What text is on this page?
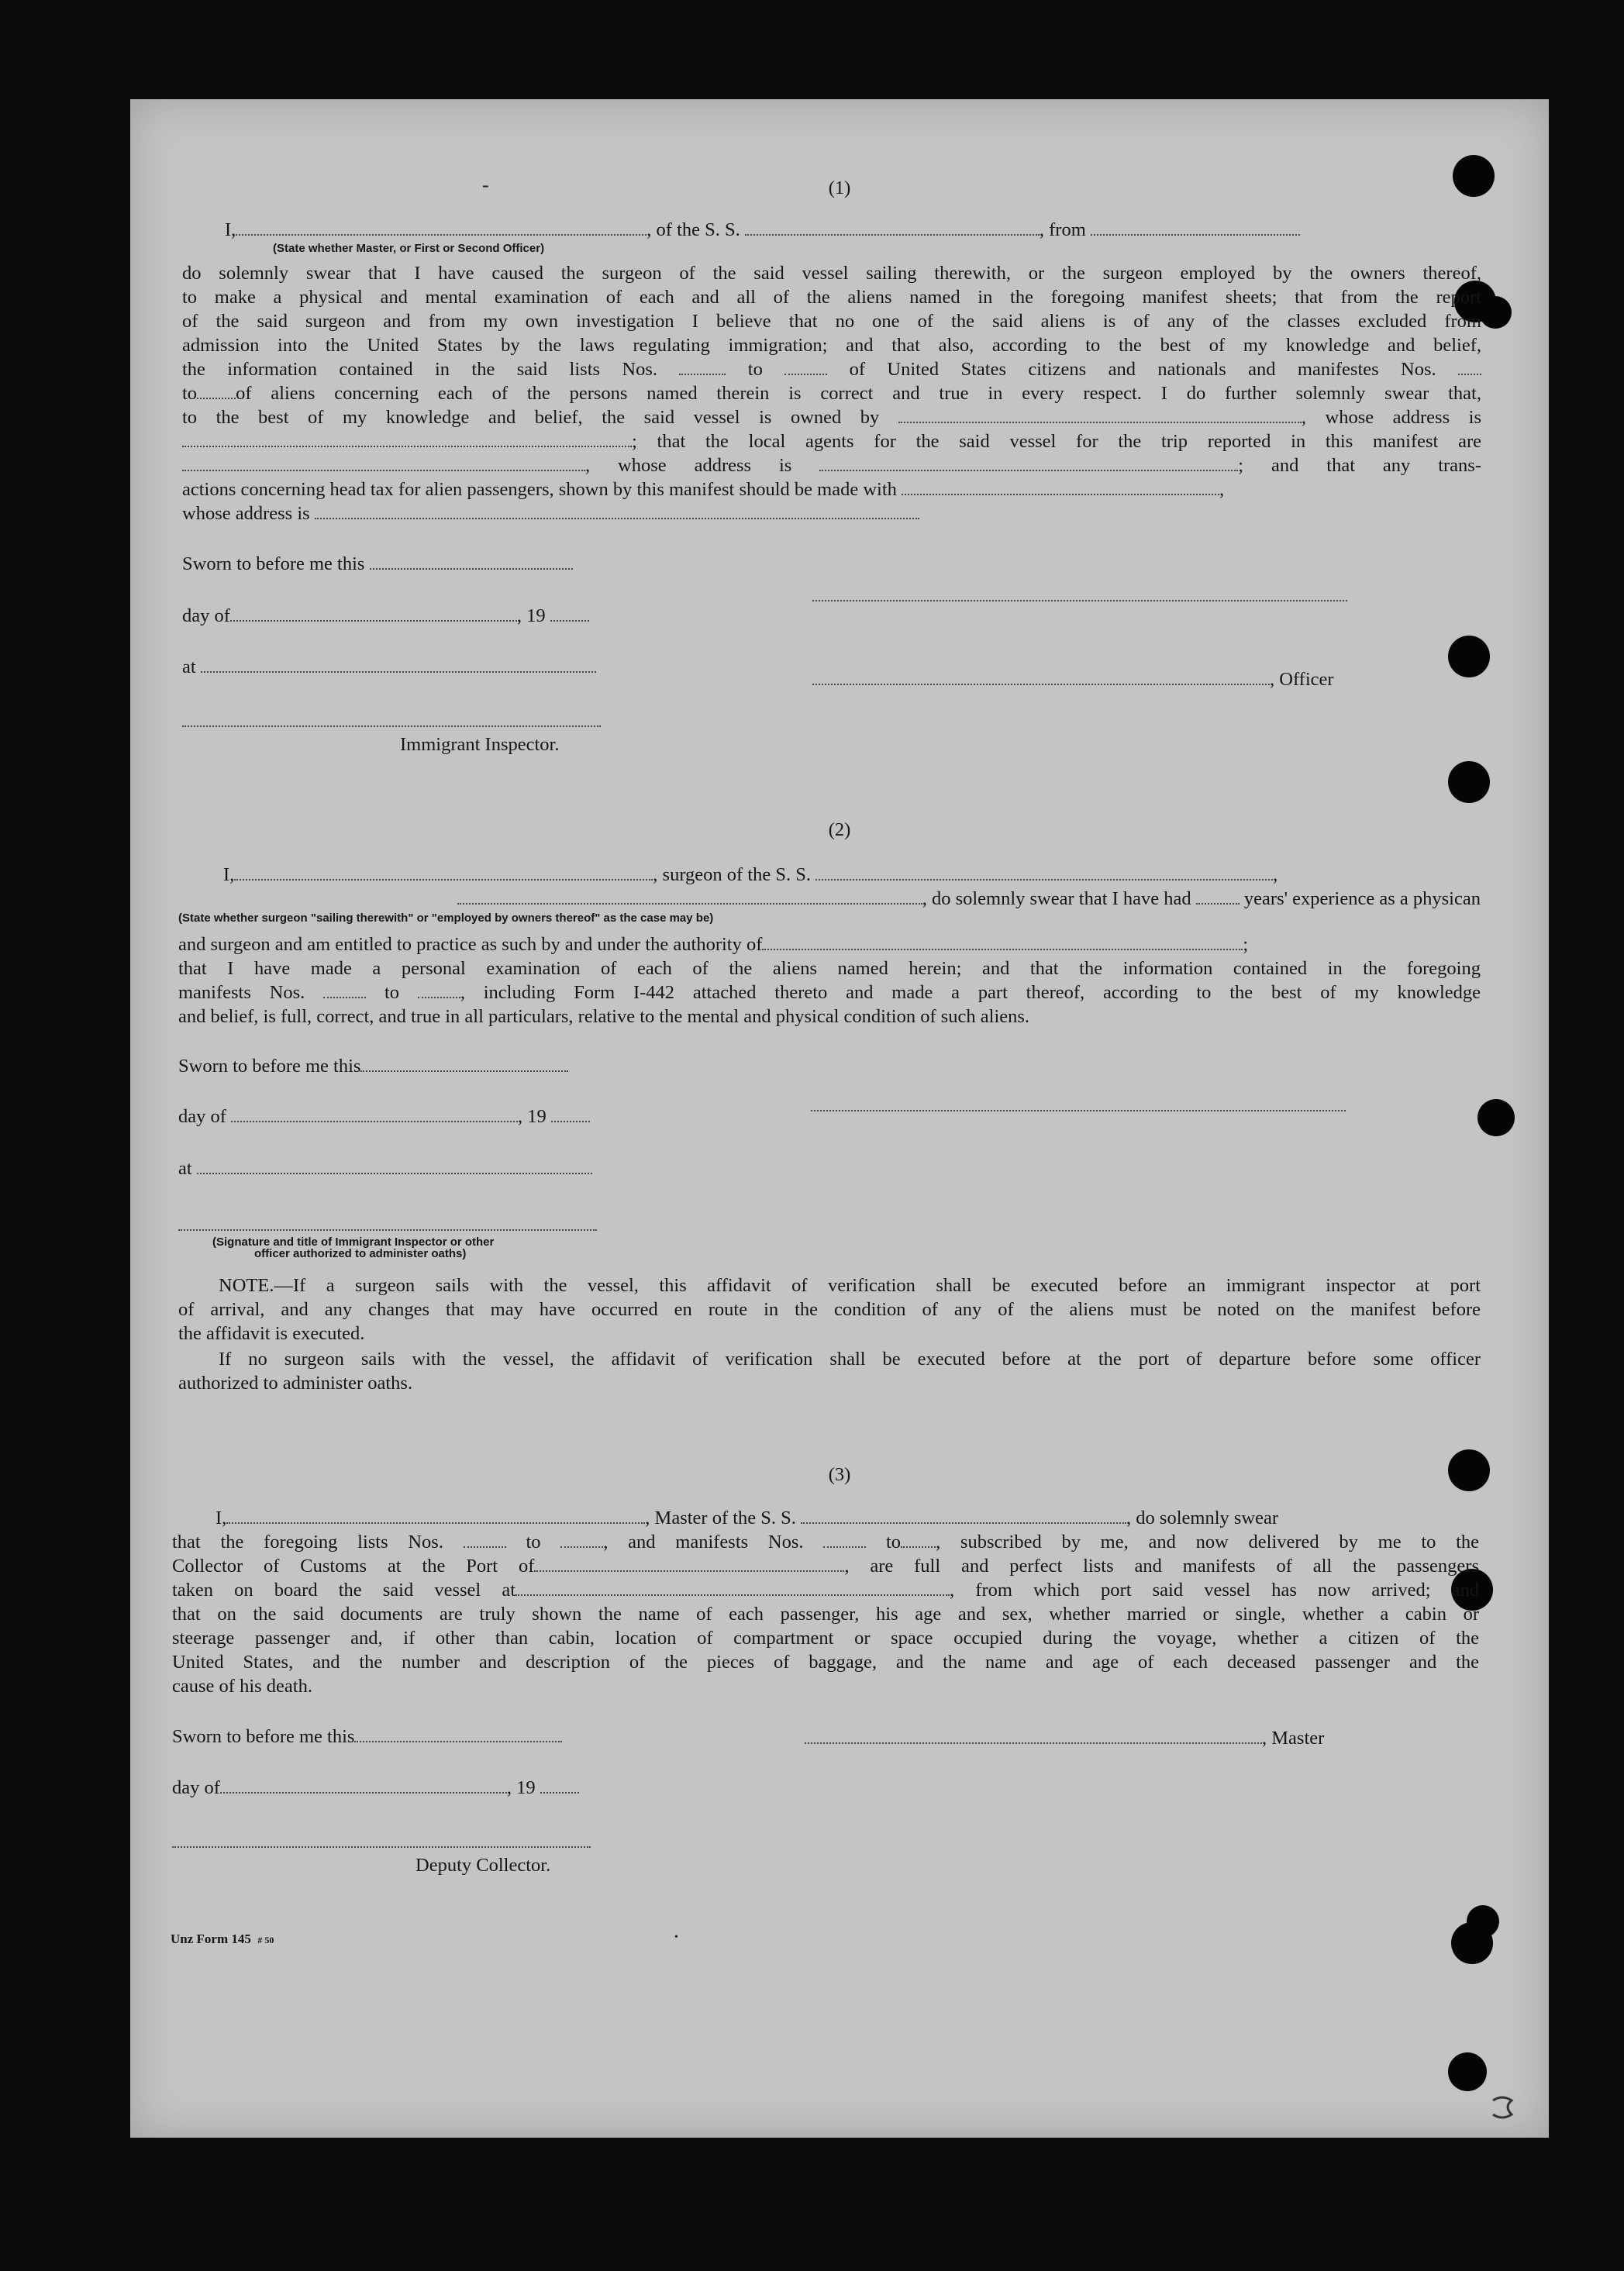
(1)
I,	, of the S. S.	, from
(State whether Master, or First or Second Officer)
do solemnly swear that I have caused the surgeon of the said vessel sailing therewith, or the surgeon employed by the owners thereof,
to make a physical and mental examination of each and all of the aliens named in the foregoing manifest sheets; that from the report
of the said surgeon and from my own investigation I believe that no one of the said aliens is of any of the classes excluded from
admission into the United States by the laws regulating immigration; and that also, according to the best of my knowledge and belief,
the information contained in the said lists Nos.	to	of United States citizens and nationals and manifestes Nos.
to of aliens concerning each of the persons named therein is correct and true in every respect. I do further solemnly swear that,
to the best of my knowledge and belief, the said vessel is owned by	, whose address is
; that the local agents for the said vessel for the trip reported in this manifest are
, whose address is	; and that any trans-
actions concerning head tax for alien passengers, shown by this manifest should be made with	,
whose address is
Sworn to before me this
day of	, 19
at
, Officer
Immigrant Inspector.
(2)
I,	, surgeon of the S. S.	,
, do solemnly swear that I have had	years' experience as a physican
(State whether surgeon "sailing therewith" or "employed by owners thereof" as the case may be)
and surgeon and am entitled to practice as such by and under the authority of	;
that I have made a personal examination of each of the aliens named herein; and that the information contained in the foregoing
manifests Nos.	to	, including Form I-442 attached thereto and made a part thereof, according to the best of my knowledge
and belief, is full, correct, and true in all particulars, relative to the mental and physical condition of such aliens.
Sworn to before me this
day of	, 19
at
(Signature and title of Immigrant Inspector or other
officer authorized to administer oaths)
NOTE.—If a surgeon sails with the vessel, this affidavit of verification shall be executed before an immigrant inspector at port
of arrival, and any changes that may have occurred en route in the condition of any of the aliens must be noted on the manifest before
the affidavit is executed.
If no surgeon sails with the vessel, the affidavit of verification shall be executed before at the port of departure before some officer
authorized to administer oaths.
(3)
I,	, Master of the S. S.	, do solemnly swear
that the foregoing lists Nos.	to	, and manifests Nos.	to , subscribed by me, and now delivered by me to the
Collector of Customs at the Port of	, are full and perfect lists and manifests of all the passengers
taken on board the said vessel at	, from which port said vessel has now arrived; and
that on the said documents are truly shown the name of each passenger, his age and sex, whether married or single, whether a cabin or
steerage passenger and, if other than cabin, location of compartment or space occupied during the voyage, whether a citizen of the
United States, and the number and description of the pieces of baggage, and the name and age of each deceased passenger and the
cause of his death.
Sworn to before me this	, Master
day of	, 19
Deputy Collector.
Unz Form 145 # 50
-
•
